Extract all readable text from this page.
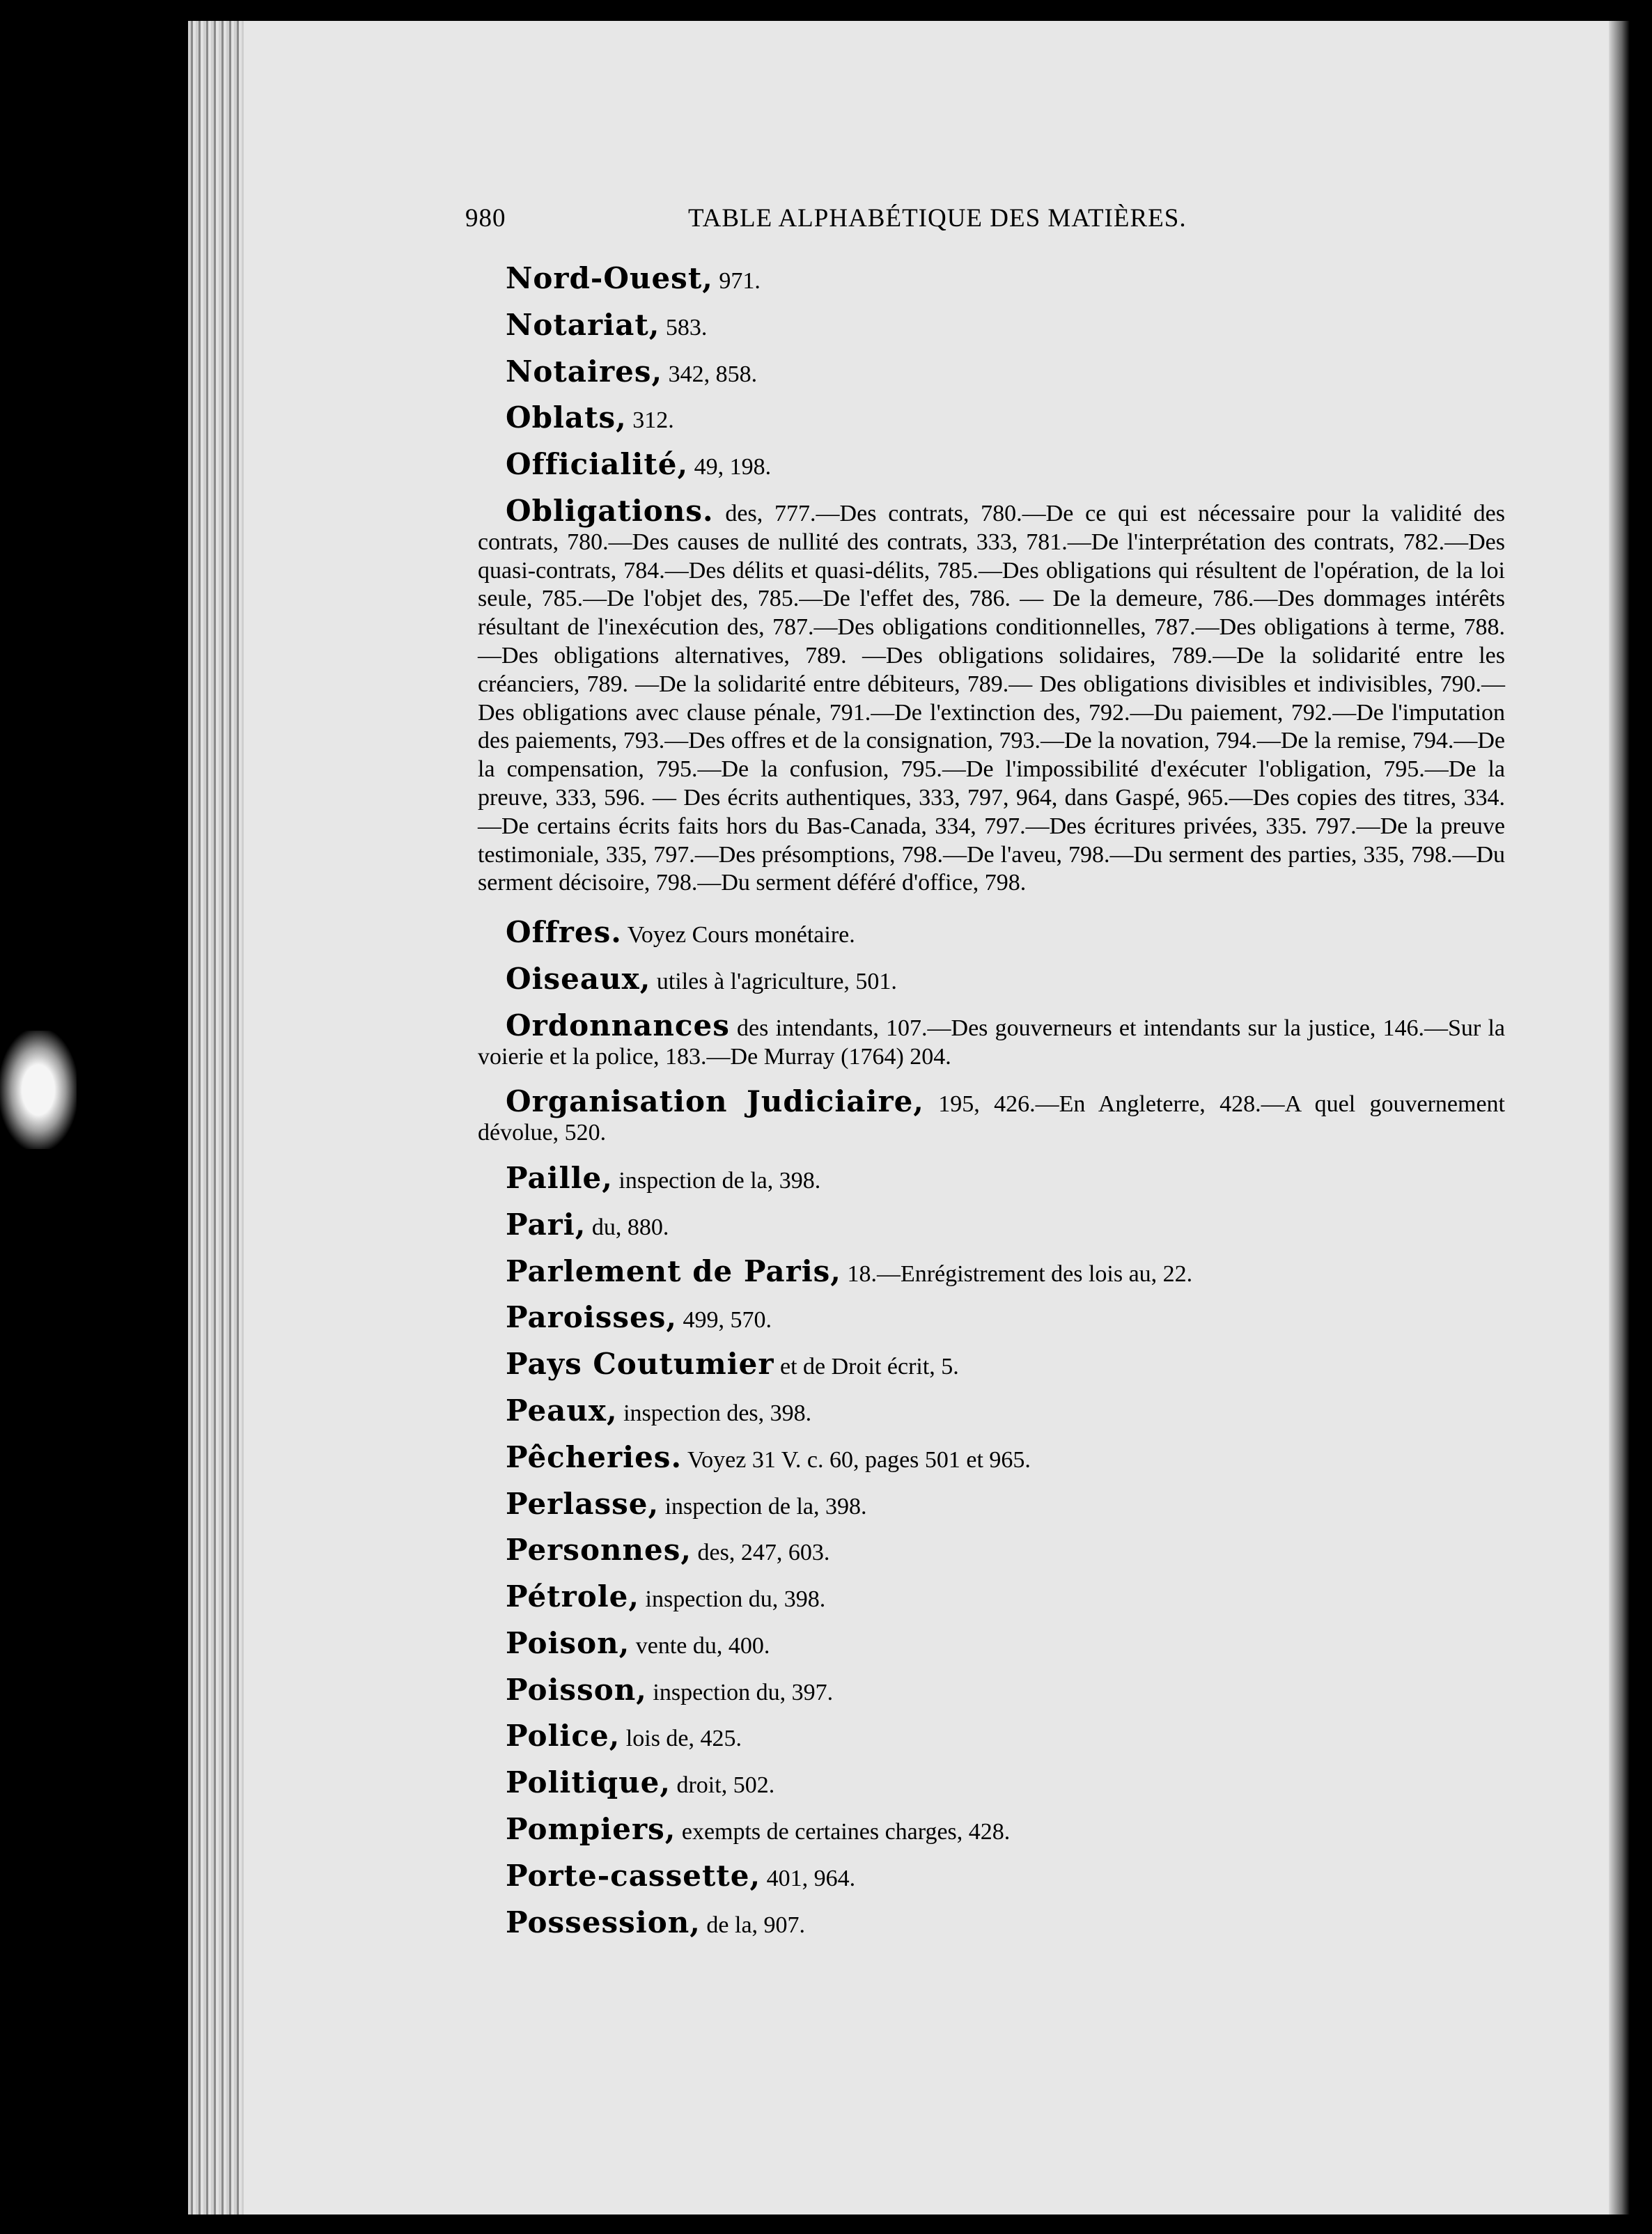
980	TABLE ALPHABÉTIQUE DES MATIÈRES.
Nord-Ouest, 971.
Notariat, 583.
Notaires, 342, 858.
Oblats, 312.
Officialité, 49, 198.
Obligations. des, 777.—Des contrats, 780.—De ce qui est nécessaire pour la validité des contrats, 780.—Des causes de nullité des contrats, 333, 781.—De l'interprétation des contrats, 782.—Des quasi-contrats, 784.—Des délits et quasi-délits, 785.—Des obligations qui résultent de l'opération, de la loi seule, 785.—De l'objet des, 785.—De l'effet des, 786. — De la demeure, 786.—Des dommages intérêts résultant de l'inexécution des, 787.—Des obligations conditionnelles, 787.—Des obligations à terme, 788.—Des obligations alternatives, 789. —Des obligations solidaires, 789.—De la solidarité entre les créanciers, 789. —De la solidarité entre débiteurs, 789.— Des obligations divisibles et indivisibles, 790.—Des obligations avec clause pénale, 791.—De l'extinction des, 792.—Du paiement, 792.—De l'imputation des paiements, 793.—Des offres et de la consignation, 793.—De la novation, 794.—De la remise, 794.—De la compensation, 795.—De la confusion, 795.—De l'impossibilité d'exécuter l'obligation, 795.—De la preuve, 333, 596. — Des écrits authentiques, 333, 797, 964, dans Gaspé, 965.—Des copies des titres, 334.—De certains écrits faits hors du Bas-Canada, 334, 797.—Des écritures privées, 335. 797.—De la preuve testimoniale, 335, 797.—Des présomptions, 798.—De l'aveu, 798.—Du serment des parties, 335, 798.—Du serment décisoire, 798.—Du serment déféré d'office, 798.
Offres. Voyez Cours monétaire.
Oiseaux, utiles à l'agriculture, 501.
Ordonnances des intendants, 107.—Des gouverneurs et intendants sur la justice, 146.—Sur la voierie et la police, 183.—De Murray (1764) 204.
Organisation Judiciaire, 195, 426.—En Angleterre, 428.—A quel gouvernement dévolue, 520.
Paille, inspection de la, 398.
Pari, du, 880.
Parlement de Paris, 18.—Enrégistrement des lois au, 22.
Paroisses, 499, 570.
Pays Coutumier et de Droit écrit, 5.
Peaux, inspection des, 398.
Pêcheries. Voyez 31 V. c. 60, pages 501 et 965.
Perlasse, inspection de la, 398.
Personnes, des, 247, 603.
Pétrole, inspection du, 398.
Poison, vente du, 400.
Poisson, inspection du, 397.
Police, lois de, 425.
Politique, droit, 502.
Pompiers, exempts de certaines charges, 428.
Porte-cassette, 401, 964.
Possession, de la, 907.
